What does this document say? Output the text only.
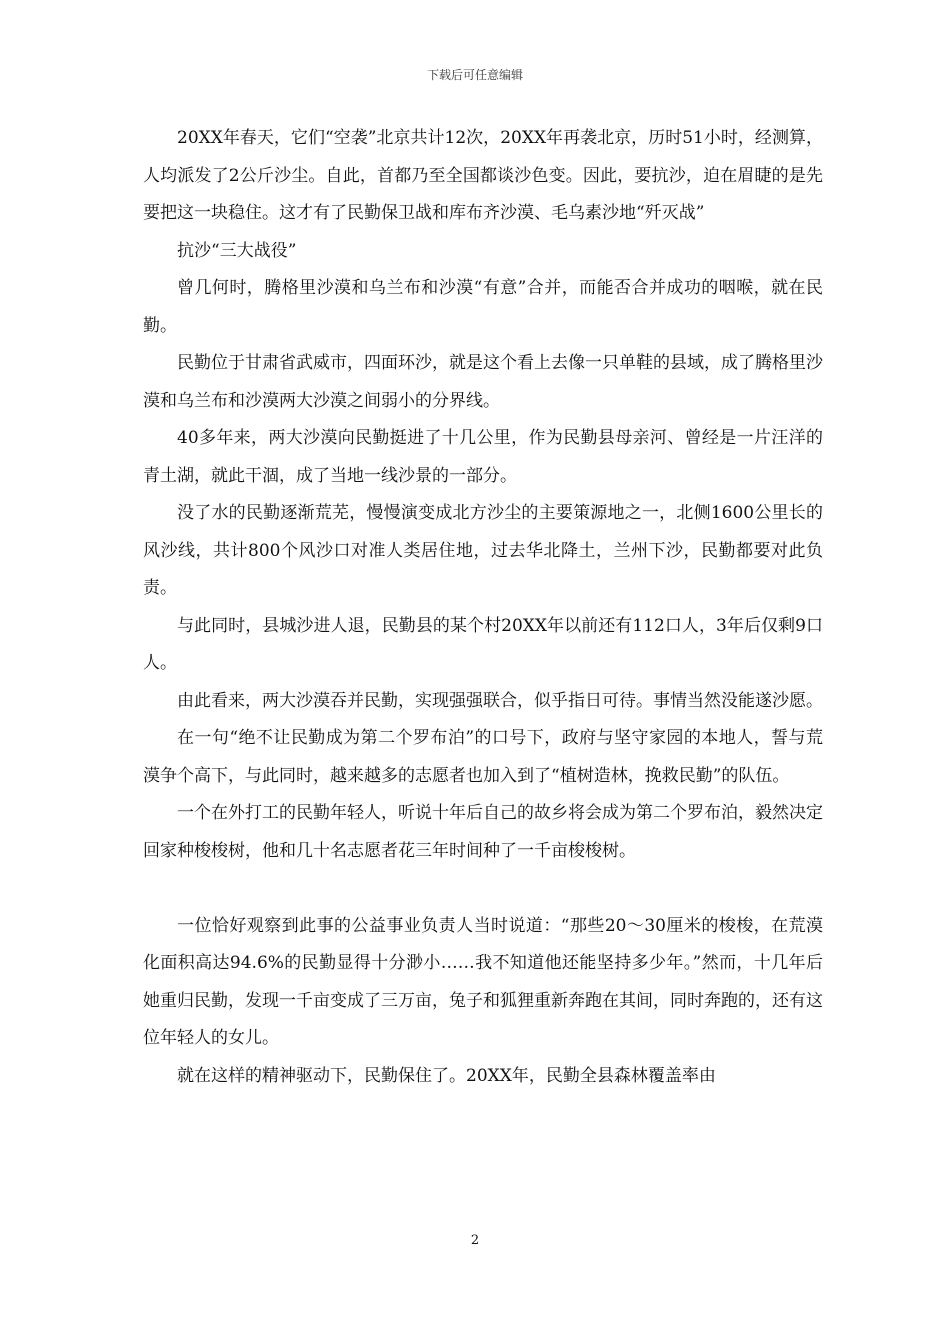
下载后可任意编辑

20XX年春天，它们“空袭”北京共计12次，20XX年再袭北京，历时51小时，经测算，人均派发了2公斤沙尘。自此，首都乃至全国都谈沙色变。因此，要抗沙，迫在眉睫的是先要把这一块稳住。这才有了民勤保卫战和库布齐沙漠、毛乌素沙地“歼灭战”

抗沙“三大战役”

曾几何时，腾格里沙漠和乌兰布和沙漠“有意”合并，而能否合并成功的咽喉，就在民勤。

民勤位于甘肃省武威市，四面环沙，就是这个看上去像一只单鞋的县域，成了腾格里沙漠和乌兰布和沙漠两大沙漠之间弱小的分界线。

40多年来，两大沙漠向民勤挺进了十几公里，作为民勤县母亲河、曾经是一片汪洋的青土湖，就此干涸，成了当地一线沙景的一部分。

没了水的民勤逐渐荒芜，慢慢演变成北方沙尘的主要策源地之一，北侧1600公里长的风沙线，共计800个风沙口对准人类居住地，过去华北降土，兰州下沙，民勤都要对此负责。

与此同时，县城沙进人退，民勤县的某个村20XX年以前还有112口人，3年后仅剩9口人。

由此看来，两大沙漠吞并民勤，实现强强联合，似乎指日可待。事情当然没能遂沙愿。

在一句“绝不让民勤成为第二个罗布泊”的口号下，政府与坚守家园的本地人，誓与荒漠争个高下，与此同时，越来越多的志愿者也加入到了“植树造林，挽救民勤”的队伍。

一个在外打工的民勤年轻人，听说十年后自己的故乡将会成为第二个罗布泊，毅然决定回家种梭梭树，他和几十名志愿者花三年时间种了一千亩梭梭树。

一位恰好观察到此事的公益事业负责人当时说道：“那些20～30厘米的梭梭，在荒漠化面积高达94.6%的民勤显得十分渺小……我不知道他还能坚持多少年。”然而，十几年后她重归民勤，发现一千亩变成了三万亩，兔子和狐狸重新奔跑在其间，同时奔跑的，还有这位年轻人的女儿。

就在这样的精神驱动下，民勤保住了。20XX年，民勤全县森林覆盖率由

2
